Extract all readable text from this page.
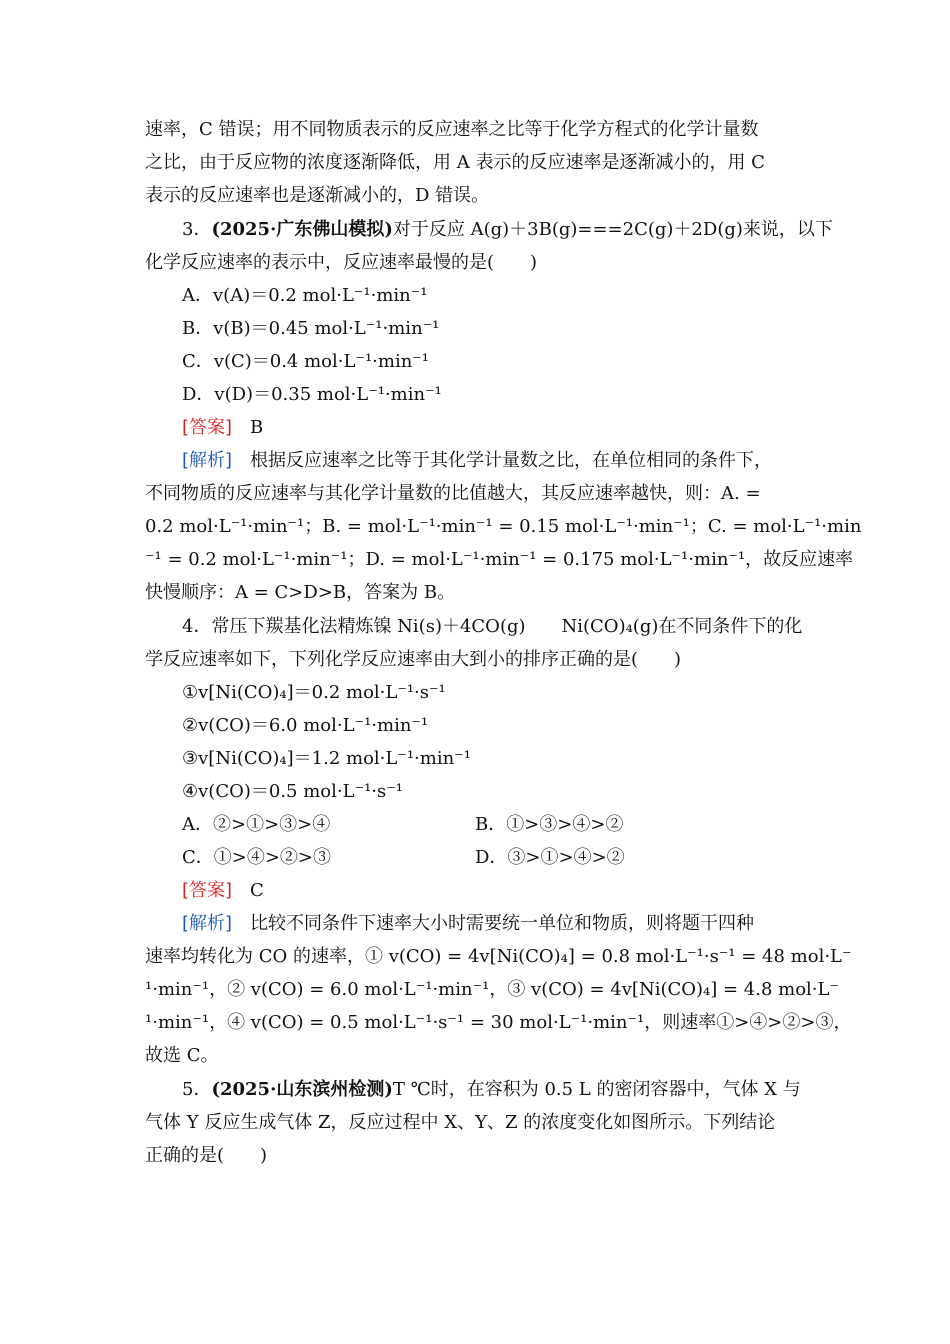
速率，C 错误；用不同物质表示的反应速率之比等于化学方程式的化学计量数
之比，由于反应物的浓度逐渐降低，用 A 表示的反应速率是逐渐减小的，用 C
表示的反应速率也是逐渐减小的，D 错误。
3．(2025·广东佛山模拟)对于反应 A(g)＋3B(g)===2C(g)＋2D(g)来说，以下
化学反应速率的表示中，反应速率最慢的是(　　)
A．v(A)＝0.2 mol·L⁻¹·min⁻¹
B．v(B)＝0.45 mol·L⁻¹·min⁻¹
C．v(C)＝0.4 mol·L⁻¹·min⁻¹
D．v(D)＝0.35 mol·L⁻¹·min⁻¹
[答案]　 B
[解析]　 根据反应速率之比等于其化学计量数之比，在单位相同的条件下，
不同物质的反应速率与其化学计量数的比值越大，其反应速率越快，则：A. =
0.2 mol·L⁻¹·min⁻¹；B. = mol·L⁻¹·min⁻¹ = 0.15 mol·L⁻¹·min⁻¹；C. = mol·L⁻¹·min
⁻¹ = 0.2 mol·L⁻¹·min⁻¹；D. = mol·L⁻¹·min⁻¹ = 0.175 mol·L⁻¹·min⁻¹，故反应速率
快慢顺序：A = C>D>B，答案为 B。
4．常压下羰基化法精炼镍 Ni(s)＋4CO(g)　　Ni(CO)₄(g)在不同条件下的化
学反应速率如下，下列化学反应速率由大到小的排序正确的是(　　)
①v[Ni(CO)₄]＝0.2 mol·L⁻¹·s⁻¹
②v(CO)＝6.0 mol·L⁻¹·min⁻¹
③v[Ni(CO)₄]＝1.2 mol·L⁻¹·min⁻¹
④v(CO)＝0.5 mol·L⁻¹·s⁻¹
A．②>①>③>④	B．①>③>④>②
C．①>④>②>③	D．③>①>④>②
[答案]　 C
[解析]　 比较不同条件下速率大小时需要统一单位和物质，则将题干四种
速率均转化为 CO 的速率，① v(CO) = 4v[Ni(CO)₄] = 0.8 mol·L⁻¹·s⁻¹ = 48 mol·L⁻
¹·min⁻¹，② v(CO) = 6.0 mol·L⁻¹·min⁻¹，③ v(CO) = 4v[Ni(CO)₄] = 4.8 mol·L⁻
¹·min⁻¹，④ v(CO) = 0.5 mol·L⁻¹·s⁻¹ = 30 mol·L⁻¹·min⁻¹，则速率①>④>②>③，
故选 C。
5．(2025·山东滨州检测)T ℃时，在容积为 0.5 L 的密闭容器中，气体 X 与
气体 Y 反应生成气体 Z，反应过程中 X、Y、Z 的浓度变化如图所示。下列结论
正确的是(　　)
